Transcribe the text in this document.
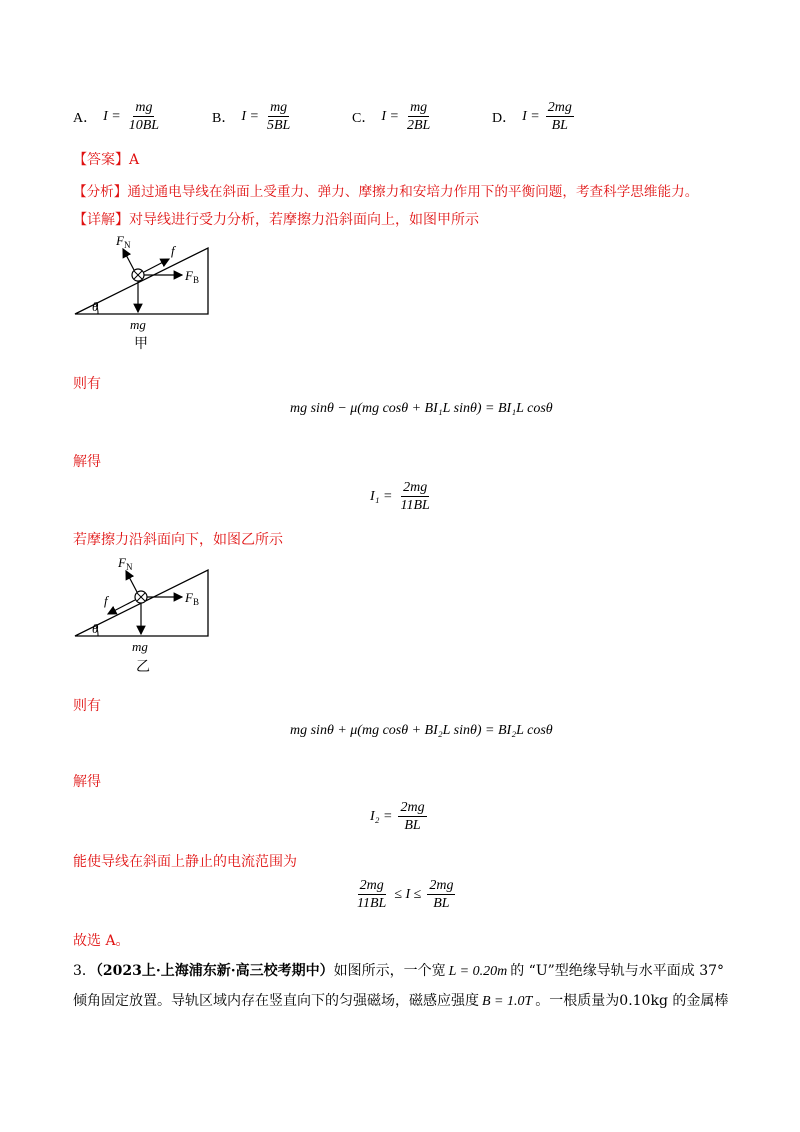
A． $I = \frac{mg}{10BL}$	B． $I = \frac{mg}{5BL}$	C． $I = \frac{mg}{2BL}$	D． $I = \frac{2mg}{BL}$
【答案】A
【分析】通过通电导线在斜面上受重力、弹力、摩擦力和安培力作用下的平衡问题，考查科学思维能力。
【详解】对导线进行受力分析，若摩擦力沿斜面向上，如图甲所示
$F_N$	f
$F_B$
θ
mg
甲
则有
mg sinθ − μ(mg cosθ + BI₁L sinθ) = BI₁L cosθ
解得
$I_1 = \frac{2mg}{11BL}$
若摩擦力沿斜面向下，如图乙所示
$F_N$
f	$F_B$
θ
mg
乙
则有
mg sinθ + μ(mg cosθ + BI₂L sinθ) = BI₂L cosθ
解得
$I_2 = \frac{2mg}{BL}$
能使导线在斜面上静止的电流范围为
$\frac{2mg}{11BL} \le I \le \frac{2mg}{BL}$
故选 A。
3．（2023上·上海浦东新·高三校考期中）如图所示，一个宽 L = 0.20m 的 “U”型绝缘导轨与水平面成 37°
倾角固定放置。导轨区域内存在竖直向下的匀强磁场，磁感应强度 B = 1.0T 。一根质量为0.10kg 的金属棒
